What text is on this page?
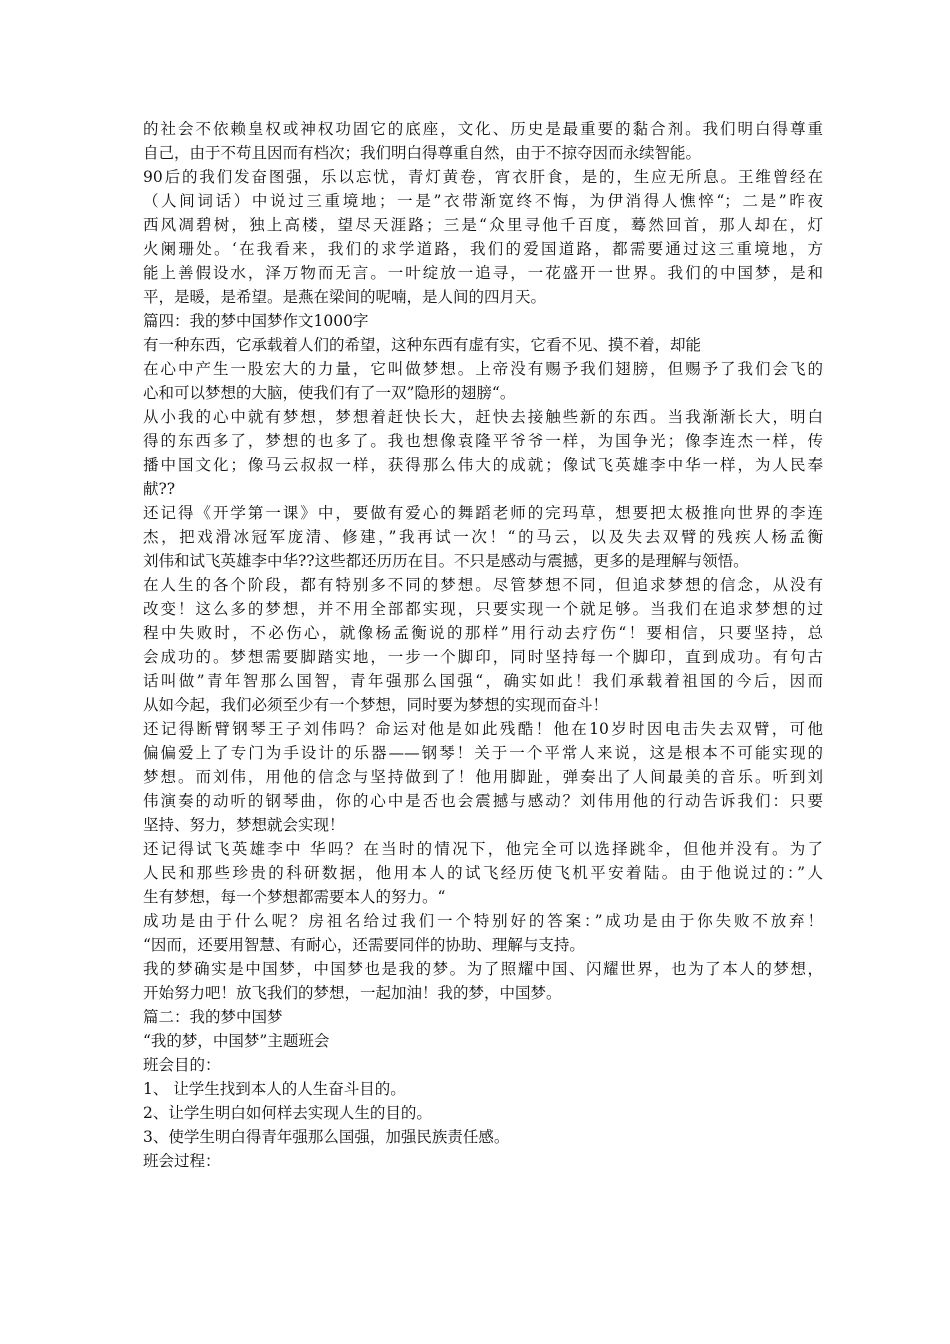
的社会不依赖皇权或神权功固它的底座，文化、历史是最重要的黏合剂。我们明白得尊重
自己，由于不苟且因而有档次；我们明白得尊重自然，由于不掠夺因而永续智能。
90后的我们发奋图强，乐以忘忧，青灯黄卷，宵衣肝食，是的，生应无所息。王维曾经在
（人间词话）中说过三重境地；一是”衣带渐宽终不悔，为伊消得人憔悴“；二是”昨夜
西风凋碧树，独上高楼，望尽天涯路；三是“众里寻他千百度，蓦然回首，那人却在，灯
火阑珊处。‘在我看来，我们的求学道路，我们的爱国道路，都需要通过这三重境地，方
能上善假设水，泽万物而无言。一叶绽放一追寻，一花盛开一世界。我们的中国梦，是和
平，是暖，是希望。是燕在梁间的呢喃，是人间的四月天。
篇四：我的梦中国梦作文1000字
有一种东西，它承载着人们的希望，这种东西有虚有实，它看不见、摸不着，却能
在心中产生一股宏大的力量，它叫做梦想。上帝没有赐予我们翅膀，但赐予了我们会飞的
心和可以梦想的大脑，使我们有了一双”隐形的翅膀“。
从小我的心中就有梦想，梦想着赶快长大，赶快去接触些新的东西。当我渐渐长大，明白
得的东西多了，梦想的也多了。我也想像袁隆平爷爷一样，为国争光；像李连杰一样，传
播中国文化；像马云叔叔一样，获得那么伟大的成就；像试飞英雄李中华一样，为人民奉
献??
还记得《开学第一课》中，要做有爱心的舞蹈老师的完玛草，想要把太极推向世界的李连
杰，把戏滑冰冠军庞清、修建，”我再试一次！“的马云，以及失去双臂的残疾人杨孟衡
刘伟和试飞英雄李中华??这些都还历历在目。不只是感动与震撼，更多的是理解与领悟。
在人生的各个阶段，都有特别多不同的梦想。尽管梦想不同，但追求梦想的信念，从没有
改变！这么多的梦想，并不用全部都实现，只要实现一个就足够。当我们在追求梦想的过
程中失败时，不必伤心，就像杨孟衡说的那样”用行动去疗伤“！要相信，只要坚持，总
会成功的。梦想需要脚踏实地，一步一个脚印，同时坚持每一个脚印，直到成功。有句古
话叫做”青年智那么国智，青年强那么国强“，确实如此！我们承载着祖国的今后，因而
从如今起，我们必须至少有一个梦想，同时要为梦想的实现而奋斗！
还记得断臂钢琴王子刘伟吗？命运对他是如此残酷！他在10岁时因电击失去双臂，可他
偏偏爱上了专门为手设计的乐器——钢琴！关于一个平常人来说，这是根本不可能实现的
梦想。而刘伟，用他的信念与坚持做到了！他用脚趾，弹奏出了人间最美的音乐。听到刘
伟演奏的动听的钢琴曲，你的心中是否也会震撼与感动？刘伟用他的行动告诉我们：只要
坚持、努力，梦想就会实现！
还记得试飞英雄李中 华吗？在当时的情况下，他完全可以选择跳伞，但他并没有。为了
人民和那些珍贵的科研数据，他用本人的试飞经历使飞机平安着陆。由于他说过的：”人
生有梦想，每一个梦想都需要本人的努力。“
成功是由于什么呢？房祖名给过我们一个特别好的答案：”成功是由于你失败不放弃！
“因而，还要用智慧、有耐心，还需要同伴的协助、理解与支持。
我的梦确实是中国梦，中国梦也是我的梦。为了照耀中国、闪耀世界，也为了本人的梦想，
开始努力吧！放飞我们的梦想，一起加油！我的梦，中国梦。
篇二：我的梦中国梦
“我的梦，中国梦”主题班会
班会目的：
1、 让学生找到本人的人生奋斗目的。
2、让学生明白如何样去实现人生的目的。
3、使学生明白得青年强那么国强，加强民族责任感。
班会过程：
